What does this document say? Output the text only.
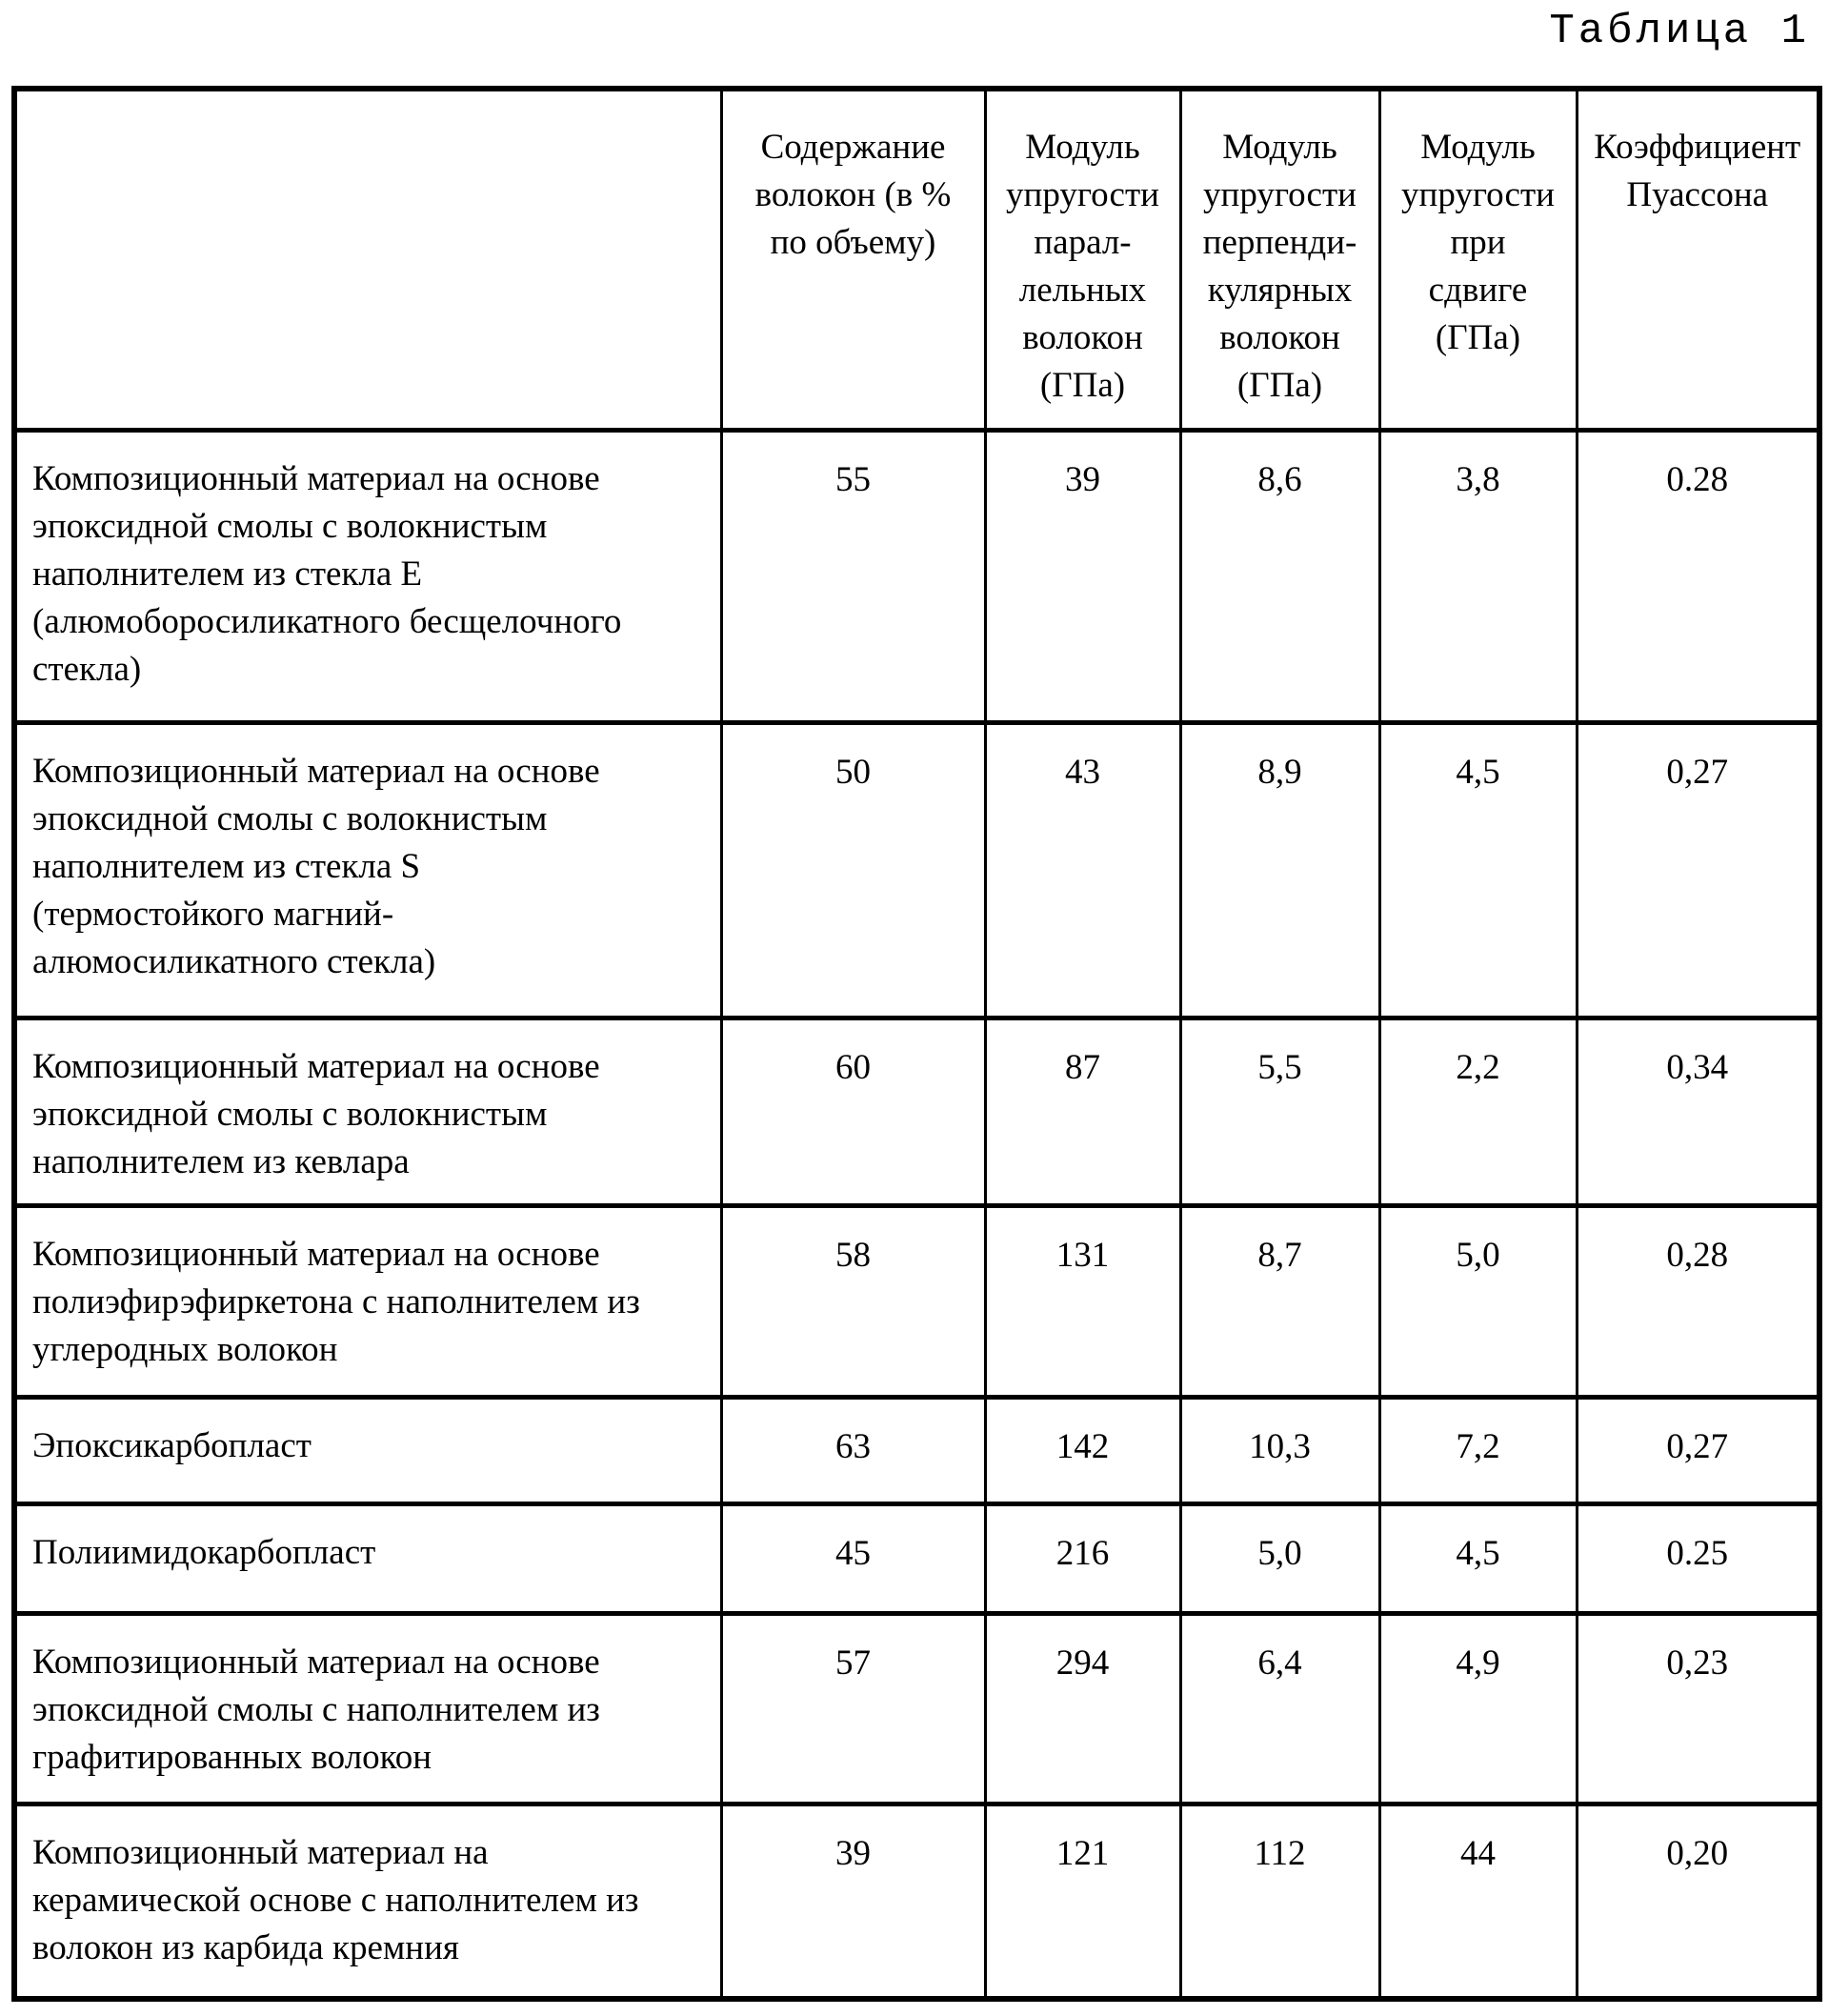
Таблица 1
	Содержание
волокон (в %
по объему)	Модуль
упругости
парал-
лельных
волокон
(ГПа)	Модуль
упругости
перпенди-
кулярных
волокон
(ГПа)	Модуль
упругости
при
сдвиге
(ГПа)	Коэффициент
Пуассона
Композиционный материал на основе
эпоксидной смолы с волокнистым
наполнителем из стекла E
(алюмоборосиликатного бесщелочного
стекла)	55	39	8,6	3,8	0.28
Композиционный материал на основе
эпоксидной смолы с волокнистым
наполнителем из стекла S
(термостойкого магний-
алюмосиликатного стекла)	50	43	8,9	4,5	0,27
Композиционный материал на основе
эпоксидной смолы с волокнистым
наполнителем из кевлара	60	87	5,5	2,2	0,34
Композиционный материал на основе
полиэфирэфиркетона с наполнителем из
углеродных волокон	58	131	8,7	5,0	0,28
Эпоксикарбопласт	63	142	10,3	7,2	0,27
Полиимидокарбопласт	45	216	5,0	4,5	0.25
Композиционный материал на основе
эпоксидной смолы с наполнителем из
графитированных волокон	57	294	6,4	4,9	0,23
Композиционный материал на
керамической основе с наполнителем из
волокон из карбида кремния	39	121	112	44	0,20
